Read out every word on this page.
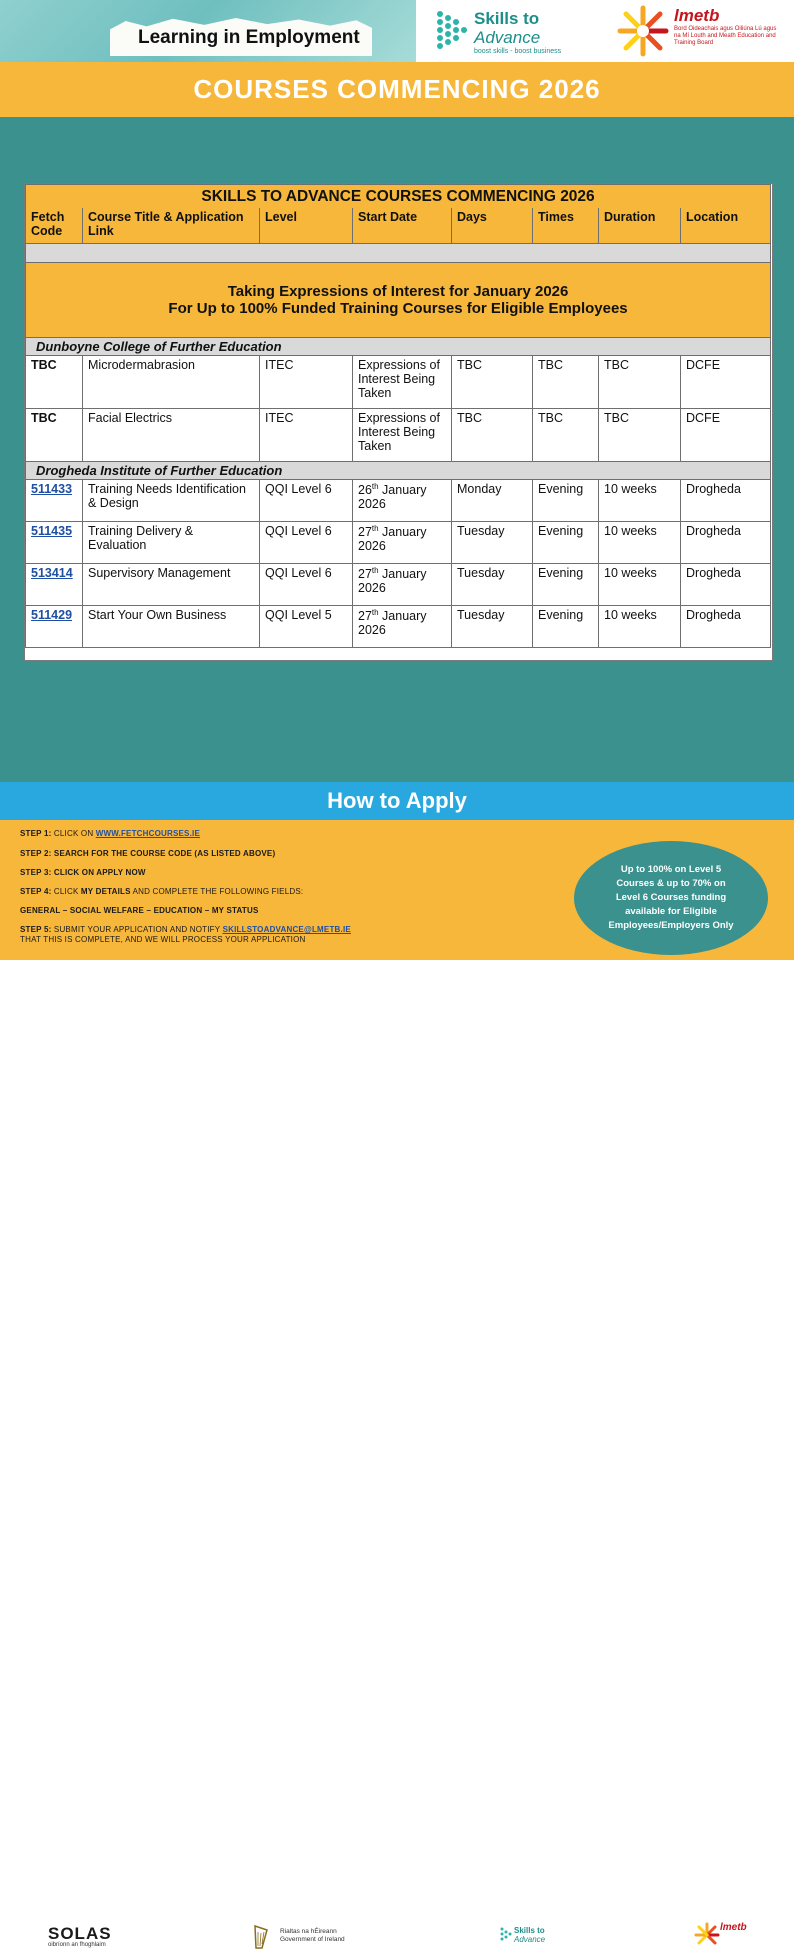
Learning in Employment
Skills to
Advance
boost skills - boost business
lmetb
Bord Oideachais agus Oiliúna Lú agus na Mí Louth and Meath Education and Training Board
COURSES COMMENCING 2026
SKILLS TO ADVANCE COURSES COMMENCING 2026							
Fetch Code	Course Title & Application Link	Level	Start Date	Days	Times	Duration	Location

Taking Expressions of Interest for January 2026
For Up to 100% Funded Training Courses for Eligible Employees							

Dunboyne College of Further Education							
TBC	Microdermabrasion	ITEC	Expressions of Interest Being Taken	TBC	TBC	TBC	DCFE
TBC	Facial Electrics	ITEC	Expressions of Interest Being Taken	TBC	TBC	TBC	DCFE
Drogheda Institute of Further Education							
511433	Training Needs Identification & Design	QQI Level 6	26th January 2026	Monday	Evening	10 weeks	Drogheda
511435	Training Delivery & Evaluation	QQI Level 6	27th January 2026	Tuesday	Evening	10 weeks	Drogheda
513414	Supervisory Management	QQI Level 6	27th January 2026	Tuesday	Evening	10 weeks	Drogheda
511429	Start Your Own Business	QQI Level 5	27th January 2026	Tuesday	Evening	10 weeks	Drogheda
How to Apply
STEP 1: CLICK ON WWW.FETCHCOURSES.IE
STEP 2: SEARCH FOR THE COURSE CODE (AS LISTED ABOVE)
STEP 3: CLICK ON APPLY NOW
STEP 4: CLICK MY DETAILS AND COMPLETE THE FOLLOWING FIELDS:
GENERAL – SOCIAL WELFARE – EDUCATION – MY STATUS
STEP 5: SUBMIT YOUR APPLICATION AND NOTIFY SKILLSTOADVANCE@LMETB.IE
THAT THIS IS COMPLETE, AND WE WILL PROCESS YOUR APPLICATION
Up to 100% on Level 5 Courses & up to 70% on Level 6 Courses funding available for Eligible Employees/Employers Only
SOLAS
oibríonn an fhoghlaim
Rialtas na hÉireann
Government of Ireland
Skills to
Advance
lmetb
